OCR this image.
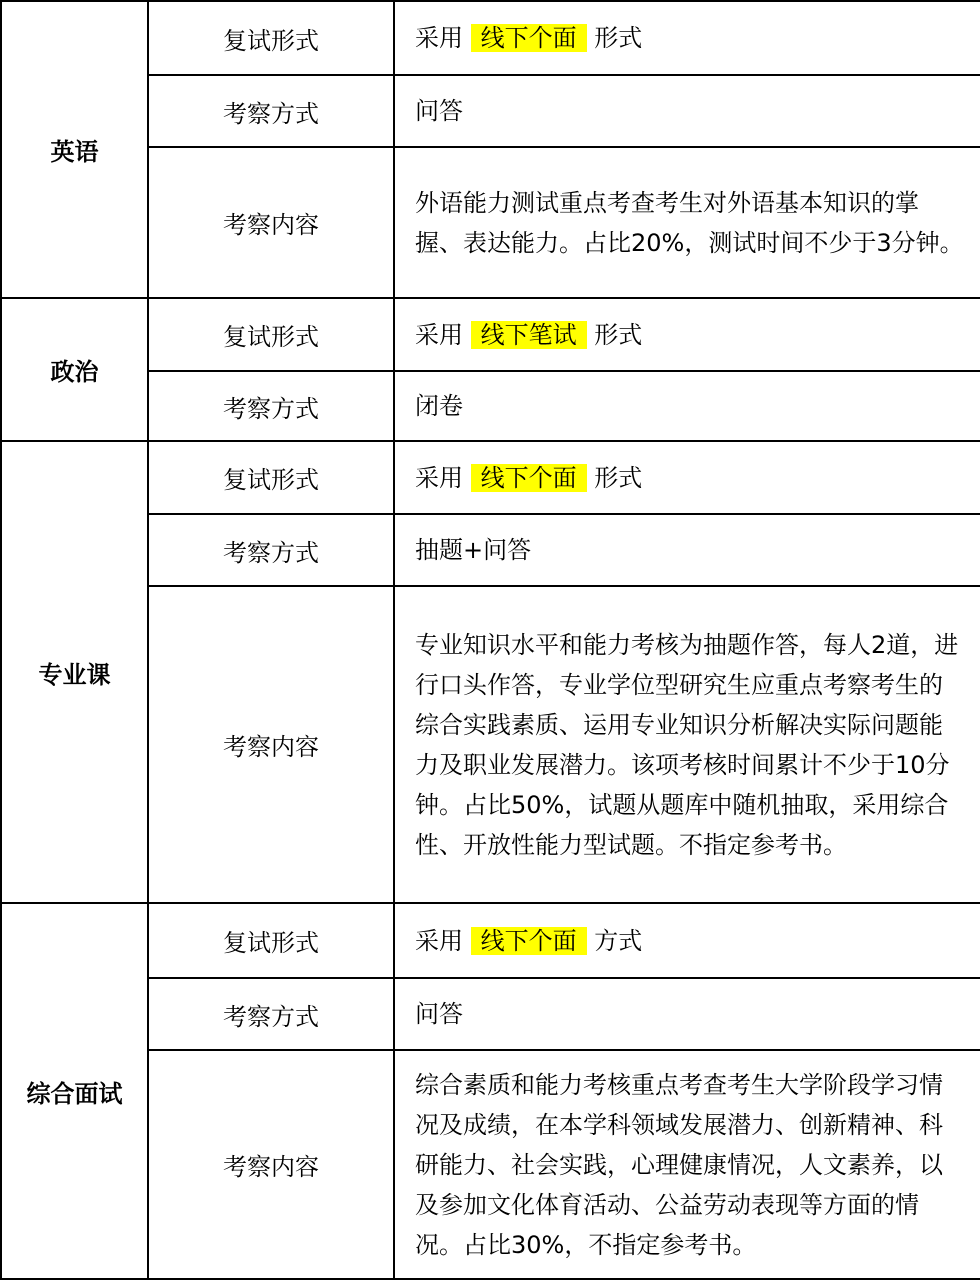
英语	复试形式	采用 线下个面 形式
	考察方式	问答
	考察内容	外语能力测试重点考查考生对外语基本知识的掌握、表达能力。占比20%，测试时间不少于3分钟。
政治	复试形式	采用 线下笔试 形式
	考察方式	闭卷
专业课	复试形式	采用 线下个面 形式
	考察方式	抽题+问答
	考察内容	专业知识水平和能力考核为抽题作答，每人2道，进行口头作答，专业学位型研究生应重点考察考生的综合实践素质、运用专业知识分析解决实际问题能力及职业发展潜力。该项考核时间累计不少于10分钟。占比50%，试题从题库中随机抽取，采用综合性、开放性能力型试题。不指定参考书。
综合面试	复试形式	采用 线下个面 方式
	考察方式	问答
	考察内容	综合素质和能力考核重点考查考生大学阶段学习情况及成绩，在本学科领域发展潜力、创新精神、科研能力、社会实践，心理健康情况，人文素养，以及参加文化体育活动、公益劳动表现等方面的情况。占比30%，不指定参考书。
